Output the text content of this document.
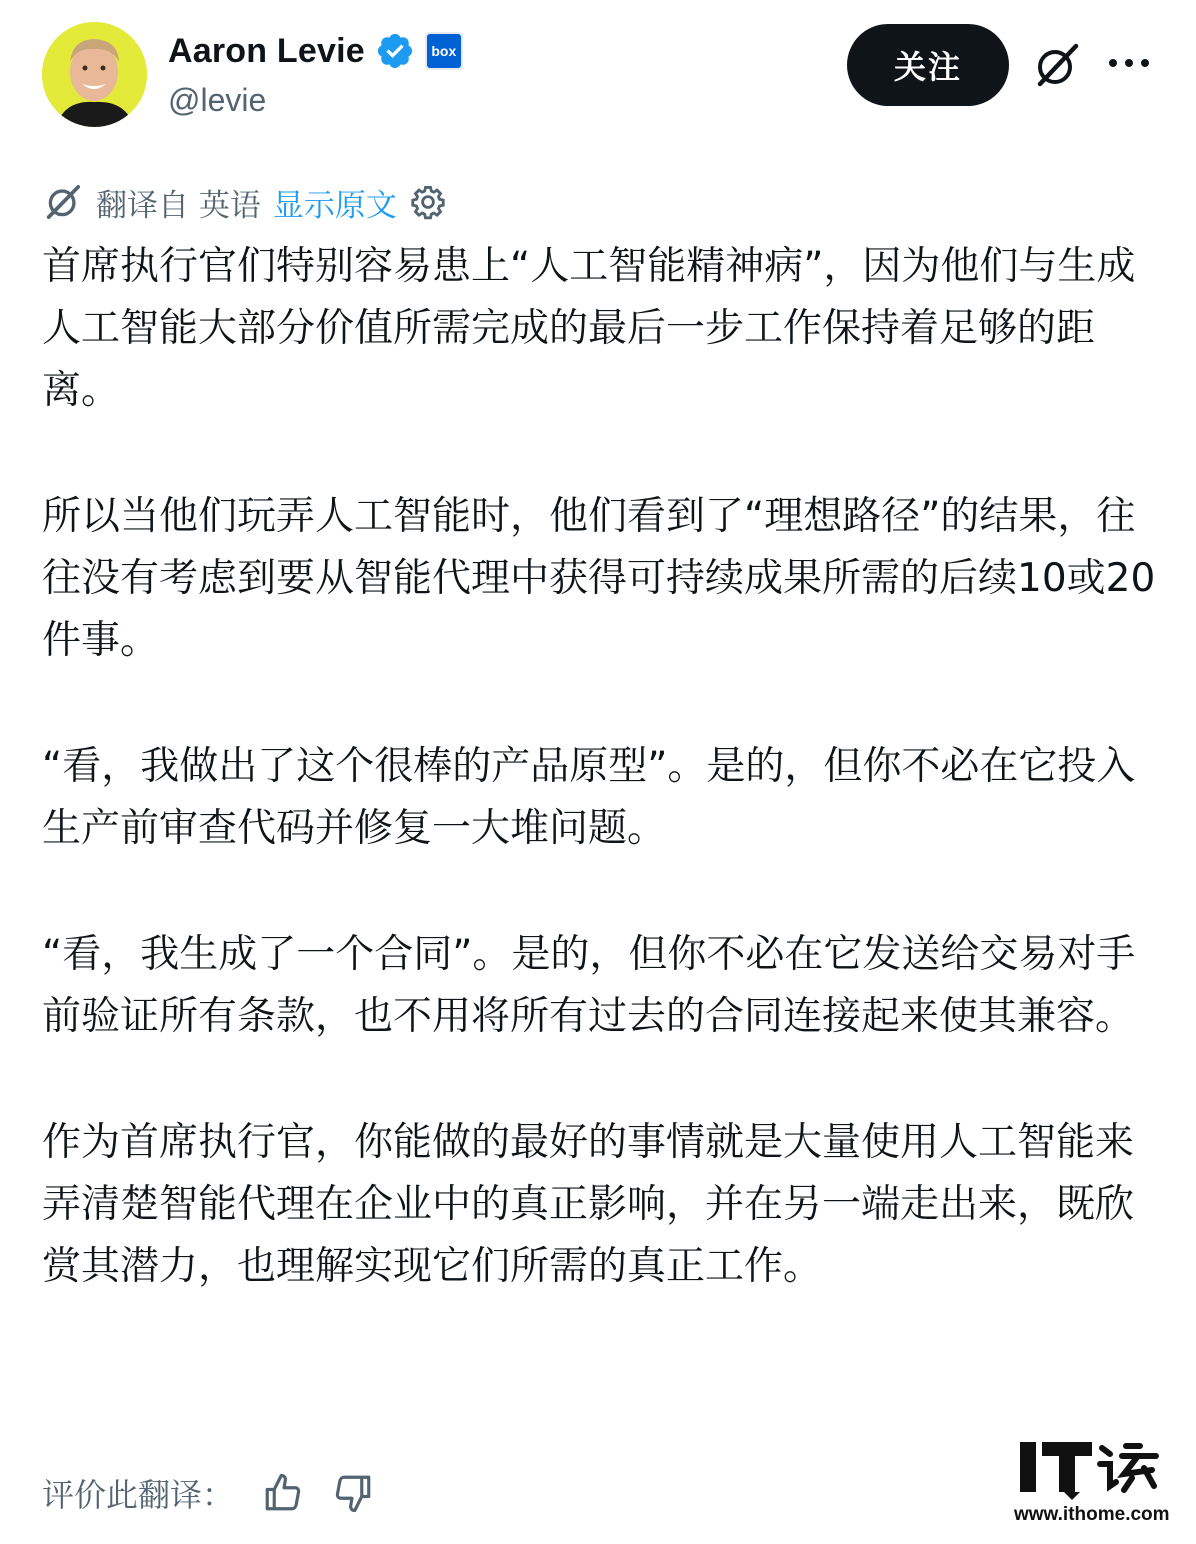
Aaron Levie	box
@levie
关注
翻译自 英语 显示原文

首席执行官们特别容易患上“人工智能精神病”，因为他们与生成人工智能大部分价值所需完成的最后一步工作保持着足够的距离。

所以当他们玩弄人工智能时，他们看到了“理想路径”的结果，往往没有考虑到要从智能代理中获得可持续成果所需的后续10或20件事。

“看，我做出了这个很棒的产品原型”。是的，但你不必在它投入生产前审查代码并修复一大堆问题。

“看，我生成了一个合同”。是的，但你不必在它发送给交易对手前验证所有条款，也不用将所有过去的合同连接起来使其兼容。

作为首席执行官，你能做的最好的事情就是大量使用人工智能来弄清楚智能代理在企业中的真正影响，并在另一端走出来，既欣赏其潜力，也理解实现它们所需的真正工作。

评价此翻译：
www.ithome.com
